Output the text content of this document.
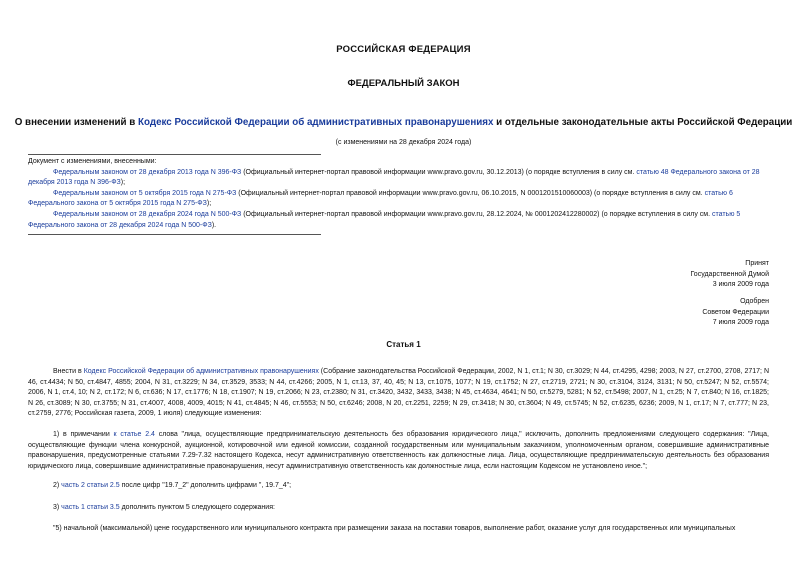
РОССИЙСКАЯ ФЕДЕРАЦИЯ
ФЕДЕРАЛЬНЫЙ ЗАКОН
О внесении изменений в Кодекс Российской Федерации об административных правонарушениях и отдельные законодательные акты Российской Федерации
(с изменениями на 28 декабря 2024 года)

Документ с изменениями, внесенными:

Федеральным законом от 28 декабря 2013 года N 396-ФЗ (Официальный интернет-портал правовой информации www.pravo.gov.ru, 30.12.2013) (о порядке вступления в силу см. статью 48 Федерального закона от 28 декабря 2013 года N 396-ФЗ);

Федеральным законом от 5 октября 2015 года N 275-ФЗ (Официальный интернет-портал правовой информации www.pravo.gov.ru, 06.10.2015, N 0001201510060003) (о порядке вступления в силу см. статью 6 Федерального закона от 5 октября 2015 года N 275-ФЗ);

Федеральным законом от 28 декабря 2024 года N 500-ФЗ (Официальный интернет-портал правовой информации www.pravo.gov.ru, 28.12.2024, № 0001202412280002) (о порядке вступления в силу см. статью 5 Федерального закона от 28 декабря 2024 года N 500-ФЗ).

Принят
Государственной Думой
3 июля 2009 года
Одобрен
Советом Федерации
7 июля 2009 года
Статья 1

Внести в Кодекс Российской Федерации об административных правонарушениях (Собрание законодательства Российской Федерации, 2002, N 1, ст.1; N 30, ст.3029; N 44, ст.4295, 4298; 2003, N 27, ст.2700, 2708, 2717; N 46, ст.4434; N 50, ст.4847, 4855; 2004, N 31, ст.3229; N 34, ст.3529, 3533; N 44, ст.4266; 2005, N 1, ст.13, 37, 40, 45; N 13, ст.1075, 1077; N 19, ст.1752; N 27, ст.2719, 2721; N 30, ст.3104, 3124, 3131; N 50, ст.5247; N 52, ст.5574; 2006, N 1, ст.4, 10; N 2, ст.172; N 6, ст.636; N 17, ст.1776; N 18, ст.1907; N 19, ст.2066; N 23, ст.2380; N 31, ст.3420, 3432, 3433, 3438; N 45, ст.4634, 4641; N 50, ст.5279, 5281; N 52, ст.5498; 2007, N 1, ст.25; N 7, ст.840; N 16, ст.1825; N 26, ст.3089; N 30, ст.3755; N 31, ст.4007, 4008, 4009, 4015; N 41, ст.4845; N 46, ст.5553; N 50, ст.6246; 2008, N 20, ст.2251, 2259; N 29, ст.3418; N 30, ст.3604; N 49, ст.5745; N 52, ст.6235, 6236; 2009, N 1, ст.17; N 7, ст.777; N 23, ст.2759, 2776; Российская газета, 2009, 1 июля) следующие изменения:

1) в примечании к статье 2.4 слова "лица, осуществляющие предпринимательскую деятельность без образования юридического лица," исключить, дополнить предложениями следующего содержания: "Лица, осуществляющие функции члена конкурсной, аукционной, котировочной или единой комиссии, созданной государственным или муниципальным заказчиком, уполномоченным органом, совершившие административные правонарушения, предусмотренные статьями 7.29-7.32 настоящего Кодекса, несут административную ответственность как должностные лица. Лица, осуществляющие предпринимательскую деятельность без образования юридического лица, совершившие административные правонарушения, несут административную ответственность как должностные лица, если настоящим Кодексом не установлено иное.";

2) часть 2 статьи 2.5 после цифр "19.7_2" дополнить цифрами ", 19.7_4";

3) часть 1 статьи 3.5 дополнить пунктом 5 следующего содержания:

"5) начальной (максимальной) цене государственного или муниципального контракта при размещении заказа на поставки товаров, выполнение работ, оказание услуг для государственных или муниципальных
